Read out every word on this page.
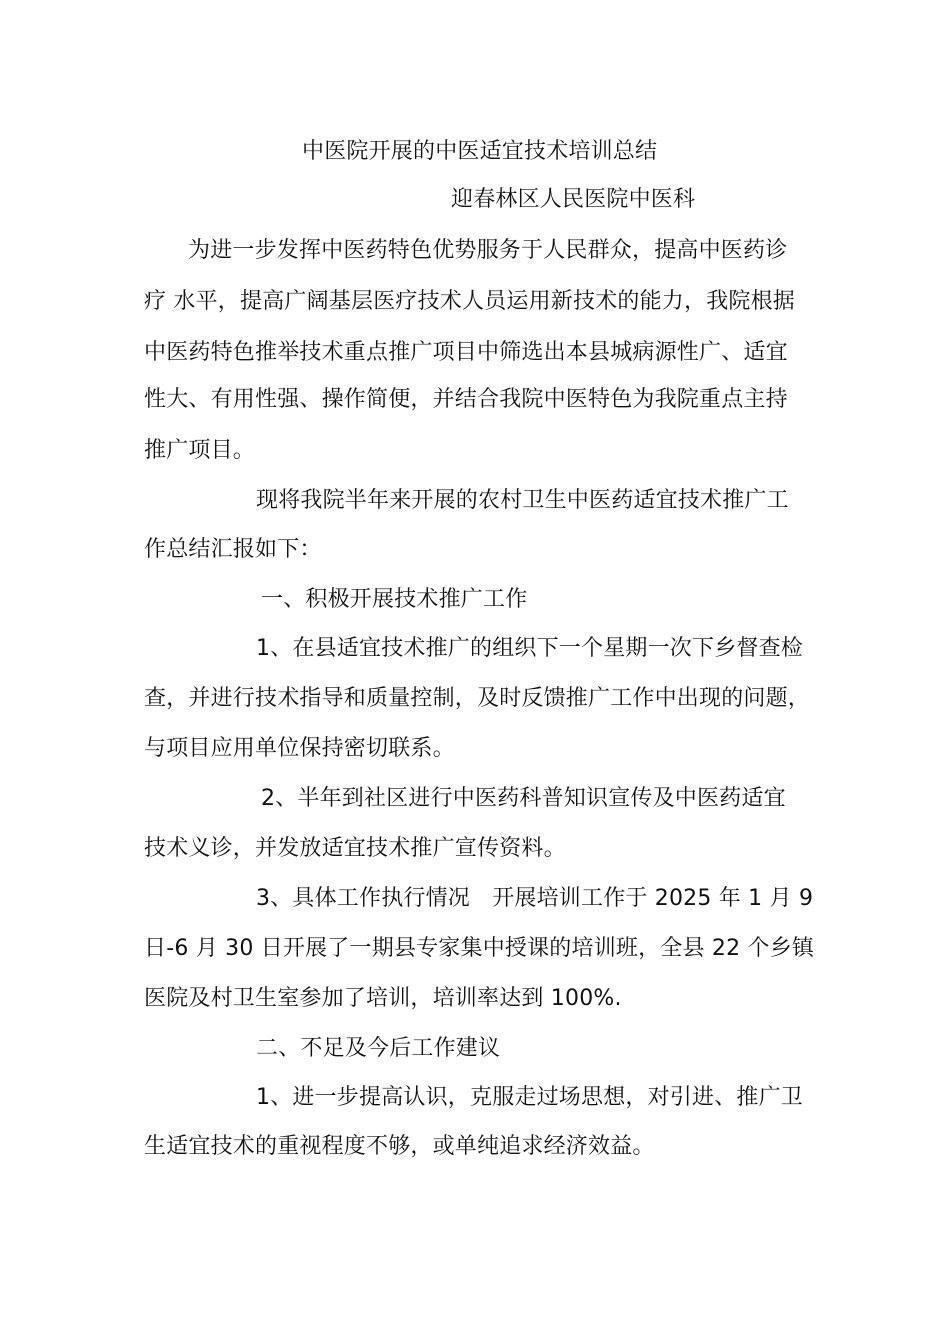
中医院开展的中医适宜技术培训总结
迎春林区人民医院中医科
为进一步发挥中医药特色优势服务于人民群众，提高中医药诊
疗 水平，提高广阔基层医疗技术人员运用新技术的能力，我院根据
中医药特色推举技术重点推广项目中筛选出本县城病源性广、适宜
性大、有用性强、操作简便，并结合我院中医特色为我院重点主持
推广项目。
现将我院半年来开展的农村卫生中医药适宜技术推广工
作总结汇报如下：
一、积极开展技术推广工作
1、在县适宜技术推广的组织下一个星期一次下乡督查检
查，并进行技术指导和质量控制，及时反馈推广工作中出现的问题，
与项目应用单位保持密切联系。
2、半年到社区进行中医药科普知识宣传及中医药适宜
技术义诊，并发放适宜技术推广宣传资料。
3、具体工作执行情况　开展培训工作于 2025 年 1 月 9
日-6 月 30 日开展了一期县专家集中授课的培训班，全县 22 个乡镇
医院及村卫生室参加了培训，培训率达到 100%.
二、不足及今后工作建议
1、进一步提高认识，克服走过场思想，对引进、推广卫
生适宜技术的重视程度不够，或单纯追求经济效益。
